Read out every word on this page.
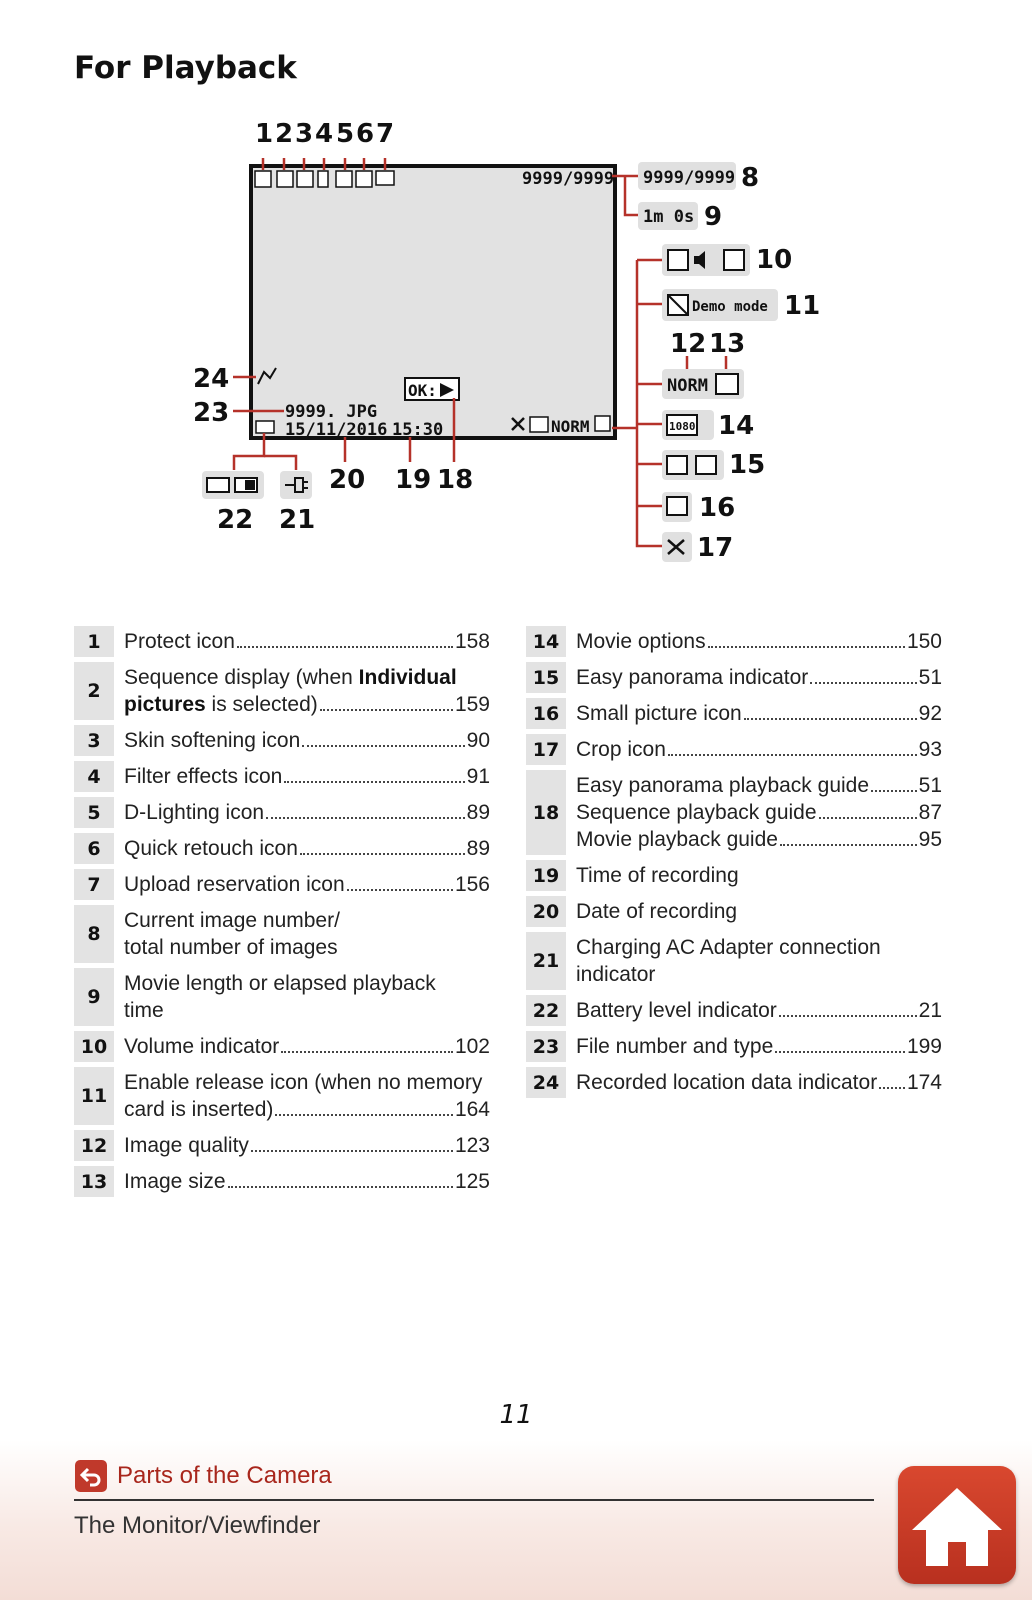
For Playback
1 2 3 4 5 6 7
9999/9999 9999/9999 8
1m 0s 9
10
Demo mode 11
12 13
NORM
1080 14
15
16
17
NORM
24
23	9999. JPG
15/11/2016 15:30
OK:
18
19
20
22 21
1	Protect icon	158
2
Sequence display (when Individual
pictures is selected)	159
3	Skin softening icon	90
4	Filter effects icon	91
5	D-Lighting icon	89
6	Quick retouch icon	89
7	Upload reservation icon	156
8
Current image number/
total number of images
9
Movie length or elapsed playback
time
10 Volume indicator	102
11
Enable release icon (when no memory
card is inserted)	164
12 Image quality	123
13 Image size	125
14 Movie options	150
15 Easy panorama indicator	51
16 Small picture icon	92
17 Crop icon	93
18
Easy panorama playback guide 51
Sequence playback guide	87
Movie playback guide	95
19 Time of recording
20 Date of recording
21
Charging AC Adapter connection
indicator
22 Battery level indicator	21
23 File number and type	199
24 Recorded location data indicator 174
11
Parts of the Camera
The Monitor/Viewfinder
